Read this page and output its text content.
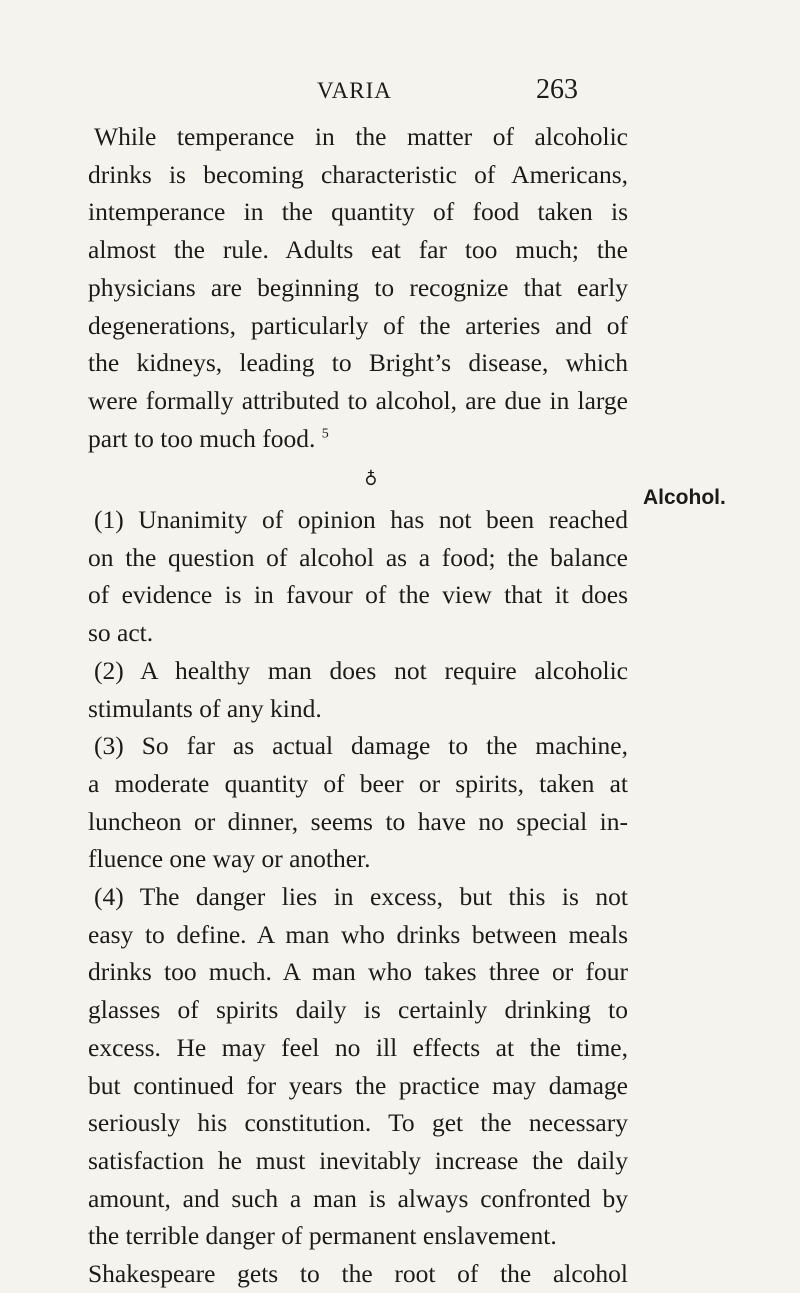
VARIA	263
Alcohol.
While temperance in the matter of alcoholic
drinks is becoming characteristic of Americans,
intemperance in the quantity of food taken is
almost the rule. Adults eat far too much; the
physicians are beginning to recognize that early
degenerations, particularly of the arteries and of
the kidneys, leading to Bright’s disease, which
were formally attributed to alcohol, are due in large
part to too much food. $^5$
♁
(1) Unanimity of opinion has not been reached
on the question of alcohol as a food; the balance
of evidence is in favour of the view that it does
so act.
(2) A healthy man does not require alcoholic
stimulants of any kind.
(3) So far as actual damage to the machine,
a moderate quantity of beer or spirits, taken at
luncheon or dinner, seems to have no special in-
fluence one way or another.
(4) The danger lies in excess, but this is not
easy to define. A man who drinks between meals
drinks too much. A man who takes three or four
glasses of spirits daily is certainly drinking to
excess. He may feel no ill effects at the time,
but continued for years the practice may damage
seriously his constitution. To get the necessary
satisfaction he must inevitably increase the daily
amount, and such a man is always confronted by
the terrible danger of permanent enslavement.
Shakespeare gets to the root of the alcohol
